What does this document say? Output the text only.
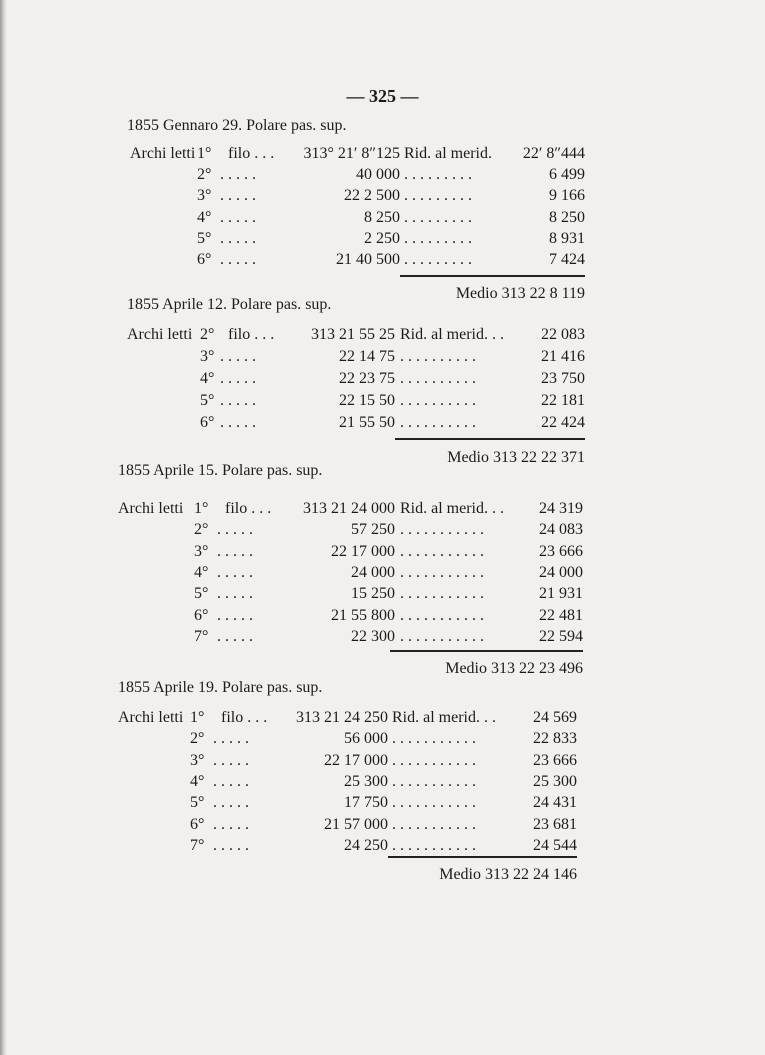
— 325 —
1855 Gennaro 29. Polare pas. sup.
Archi letti 1°	filo . . .	313° 21′ 8″125 Rid. al merid.	22′ 8″444
2° . . . . .	40 000 . . . . . . . . .	6 499
3° . . . . .	22 2 500 . . . . . . . . .	9 166
4° . . . . .	8 250 . . . . . . . . .	8 250
5° . . . . .	2 250 . . . . . . . . .	8 931
6° . . . . .	21 40 500 . . . . . . . . .	7 424
Medio 313 22 8 119
1855 Aprile 12. Polare pas. sup.
Archi letti 2° filo . . .	313 21 55 25 Rid. al merid. . .	22 083
3° . . . . .	22 14 75 . . . . . . . . . .	21 416
4° . . . . .	22 23 75 . . . . . . . . . .	23 750
5° . . . . .	22 15 50 . . . . . . . . . .	22 181
6° . . . . .	21 55 50 . . . . . . . . . .	22 424
Medio 313 22 22 371
1855 Aprile 15. Polare pas. sup.
Archi letti 1°	filo . . .	313 21 24 000 Rid. al merid. . .	24 319
2° . . . . .	57 250 . . . . . . . . . . .	24 083
3° . . . . .	22 17 000 . . . . . . . . . . .	23 666
4° . . . . .	24 000 . . . . . . . . . . .	24 000
5° . . . . .	15 250 . . . . . . . . . . .	21 931
6° . . . . .	21 55 800 . . . . . . . . . . .	22 481
7° . . . . .	22 300 . . . . . . . . . . .	22 594
Medio 313 22 23 496
1855 Aprile 19. Polare pas. sup.
Archi letti 1°	filo . . .	313 21 24 250 Rid. al merid. . .	24 569
2° . . . . .	56 000 . . . . . . . . . . .	22 833
3° . . . . .	22 17 000 . . . . . . . . . . .	23 666
4° . . . . .	25 300 . . . . . . . . . . .	25 300
5° . . . . .	17 750 . . . . . . . . . . .	24 431
6° . . . . .	21 57 000 . . . . . . . . . . .	23 681
7° . . . . .	24 250 . . . . . . . . . . .	24 544
Medio 313 22 24 146
